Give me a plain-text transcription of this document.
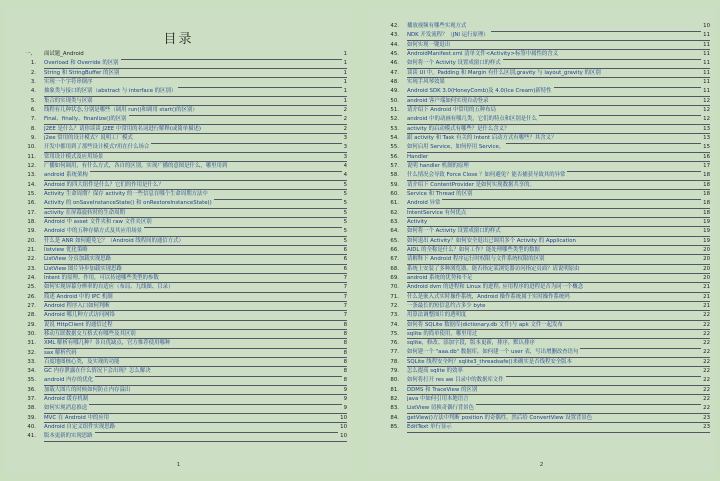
目录
一、 面试题_Android	1
1. Overload 和 Override 的区别	1
2. String 和 StringBuffer 的区别	1
3. 实现一个字符串倒序	1
4. 抽象类与接口的区别（abstract 与 interface 的区别）	1
5. 集合的实现类与区别	1
6. 线程有几种状态,分别是哪些（调用 run()和调用 start()的区别）	2
7. Final、finally、finanlize()的区别	2
8. J2EE 是什么？请你谈谈 J2EE 中常用的名词进行解释(或简单描述)	2
9. j2ee 常用的设计模式？说明工厂模式	3
10. 开发中都用到了那些设计模式?用在什么场合	3
11. 常用设计模式及应用场景	3
12. 广播如何调用，有什么方式，各自的区别。实现广播的意图是什么，哪里用到	4
13. android 系统架构	4
14. Android 的四大组件是什么？它们的作用是什么？	5
15. Activity 生命周期？保存 activity 的一些信息在哪个生命周期方法中	5
16. Activity 的 onSaveInstanceState() 和 onRestoreInstanceState()	5
17. activity 在屏幕旋转时的生命周期	5
18. Android 中 asset 文件夹和 raw 文件夹区别	5
19. Android 中的五种存储方式及其应用场景	5
20. 什么是 ANR 如何避免它？（Android 线程间的通信方式）	5
21. listview 优化策略	6
22. ListView 分页加载实现思路	6
23. ListView 图片异步加载实现思路	6
24. Intent 的原理、作用，可以传递哪些类型的参数	7
25. 如何实现屏幕分辨率的自适应（布局、九线图、目录）	7
26. 简述 Android 中的 IPC 机制	7
27. Android 程序入口如何判断	7
28. Android 哪几种方式访问网络	7
29. 说说 HttpClient 的通信过程	8
30. 移动互联数据交互格式有哪些及其区别	8
31. XML 解析有哪几种？各自优缺点，官方推荐使用哪种	8
32. sax 解析代码	8
33. 百度地图核心类，及实现的功能	8
34. GC 内存泄露在什么情况下会出现？怎么解决	8
35. android 内存的优化	8
36. 加载大图片的时候如何防止内存溢出	9
37. Android 缓存机制	9
38. 如何实现消息推送	9
39. MVC 在 Android 中的应用	10
40. Android 自定义组件实现思路	10
41. 版本更新的实现思路	10
1
42. 播放视频有哪些实现方式	10
43. NDK 开发流程？（JNI 运行原理）	11
44. 如何实现一键退出	11
45. AndroidManifest.xml 清单文件<Activity>标签中属性的含义	11
46. 如何将一个 Activity 设置成窗口的样式	11
47. 谈谈 UI 中，Padding 和 Margin 有什么区别,gravity 与 layout_gravity 的区别	11
48. 实现手风琴效果	11
49. Android SDK 3.0(HoneyComb)及 4.0(Ice Cream)新特性	11
50. android 客户端如何实现自动登录	12
51. 请介绍下 Android 中常用的五种布局	12
52. android 中的动画有哪几类，它们的特点和区别是什么	12
53. activity 的启动模式有哪些？是什么含义？	13
54. 跟 activity 和 Task 有关的 Intent 启动方式有哪些？其含义？	13
55. 如何启用 Service，如何停用 Service。	15
56. Handler	16
57. 说明 handler 机制的原理	17
58. 什么情况会导致 Force Close ？如何避免？能否捕获导致其的异常	18
59. 请介绍下 ContentProvider 是如何实现数据共享的。	18
60. Service 和 Thread 的区别	18
61. Android 异常	18
62. IntentService 有何优点	18
63. Activity	19
64. 如何将一个 Activity 设置成窗口的样式	19
65. 如何退出 Activity？如何安全退出已调用多个 Activity 的 Application	19
66. AIDL 的全称是什么？如何工作？能处理哪些类型的数据	20
67. 请解释下 Android 程序运行时权限与文件系统权限的区别	20
68. 系统上安装了多种浏览器，能否指定某浏览器访问指定页面？请说明原由	20
69. android 系统的优势和不足	20
70. Android dvm 的进程和 Linux 的进程, 应用程序的进程是否为同一个概念	21
71. 什么是嵌入式实时操作系统，Android 操作系统属于实时操作系统吗	21
72. 一条最长的短信息约占多少 byte	21
73. 用算法调整图片的透明度	22
74. 如何将 SQLite 数据库(dictionary.db 文件)与 apk 文件一起发布	22
75. sqlite 的简单使用，哪里用过	22
76. sqlite，修改、添加字段，版本更新，排序，默认排序	22
77. 如何建一个 "aaa.db" 数据库，如何建一个 user 表，写出增删改查语句	22
78. SQLite 线程安全吗？sqlite3_threadsafe()来确实是否线程安全版本	22
79. 怎么提高 sqlite 的效率	22
80. 如何将打开 res aw 目录中的数据库文件	22
81. DDMS 和 TraceView 的区别	22
82. java 中如何引用本地语言	22
83. ListView 切换奇偶行背景色	22
84. getView()方法中判断 position 的奇偶性，然后给 ConvertView 设置背景色	23
85. EditText 单行显示	23
2
